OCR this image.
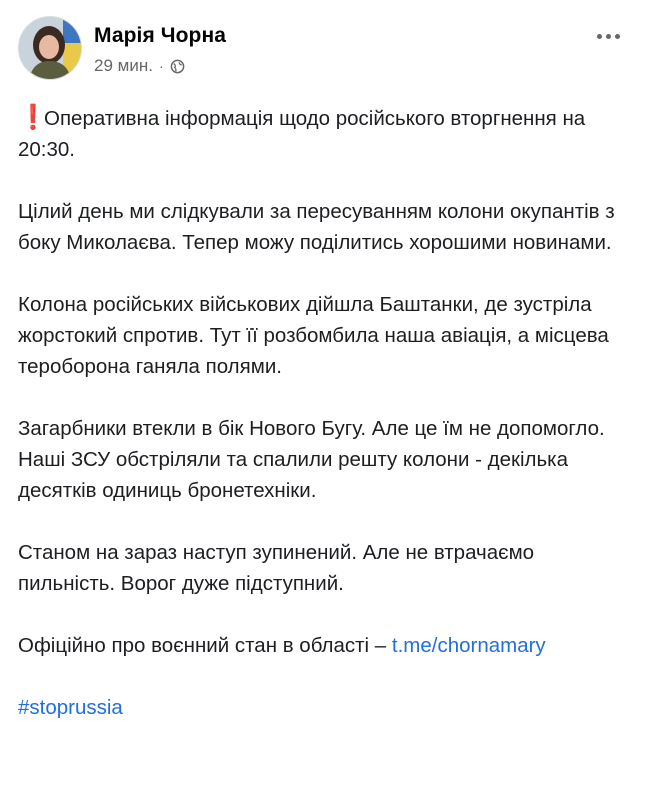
Марія Чорна
29 мин. ·

❗Оперативна інформація щодо російського вторгнення на 20:30.

Цілий день ми слідкували за пересуванням колони окупантів з боку Миколаєва. Тепер можу поділитись хорошими новинами.

Колона російських військових дійшла Баштанки, де зустріла жорстокий спротив. Тут її розбомбила наша авіація, а місцева тероборона ганяла полями.

Загарбники втекли в бік Нового Бугу. Але це їм не допомогло. Наші ЗСУ обстріляли та спалили решту колони - декілька десятків одиниць бронетехніки.

Станом на зараз наступ зупинений. Але не втрачаємо пильність. Ворог дуже підступний.

Офіційно про воєнний стан в області – t.me/chornamary

#stoprussia
